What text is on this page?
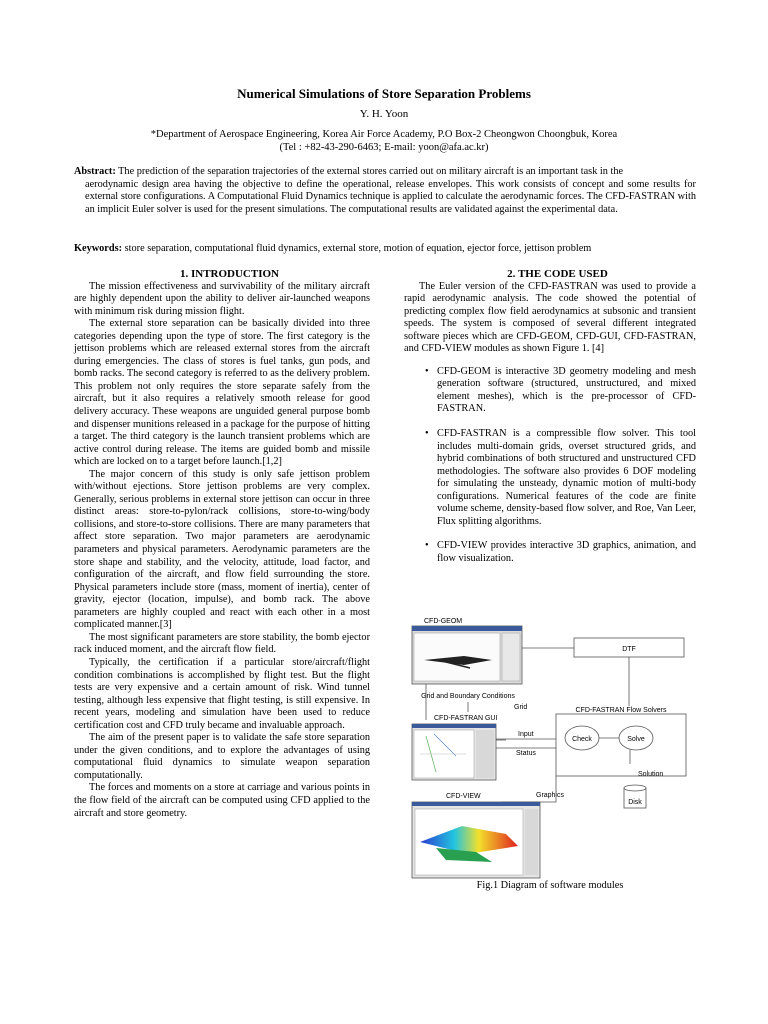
Numerical Simulations of Store Separation Problems
Y. H. Yoon
*Department of Aerospace Engineering, Korea Air Force Academy, P.O Box-2 Cheongwon Choongbuk, Korea
(Tel : +82-43-290-6463; E-mail: yoon@afa.ac.kr)
Abstract: The prediction of the separation trajectories of the external stores carried out on military aircraft is an important task in the
aerodynamic design area having the objective to define the operational, release envelopes. This work consists of concept and some results for external store configurations. A Computational Fluid Dynamics technique is applied to calculate the aerodynamic forces. The CFD-FASTRAN with an implicit Euler solver is used for the present simulations. The computational results are validated against the experimental data.
Keywords: store separation, computational fluid dynamics, external store, motion of equation, ejector force, jettison problem

1. INTRODUCTION

The mission effectiveness and survivability of the military aircraft are highly dependent upon the ability to deliver air-launched weapons with minimum risk during mission flight.

The external store separation can be basically divided into three categories depending upon the type of store. The first category is the jettison problems which are released external stores from the aircraft during emergencies. The class of stores is fuel tanks, gun pods, and bomb racks. The second category is referred to as the delivery problem. This problem not only requires the store separate safely from the aircraft, but it also requires a relatively smooth release for good delivery accuracy. These weapons are unguided general purpose bomb and dispenser munitions released in a package for the purpose of hitting a target. The third category is the launch transient problems which are active control during release. The items are guided bomb and missile which are locked on to a target before launch.[1,2]

The major concern of this study is only safe jettison problem with/without ejections. Store jettison problems are very complex. Generally, serious problems in external store jettison can occur in three distinct areas: store-to-pylon/rack collisions, store-to-wing/body collisions, and store-to-store collisions. There are many parameters that affect store separation. Two major parameters are aerodynamic parameters and physical parameters. Aerodynamic parameters are the store shape and stability, and the velocity, attitude, load factor, and configuration of the aircraft, and flow field surrounding the store. Physical parameters include store (mass, moment of inertia), center of gravity, ejector (location, impulse), and bomb rack. The above parameters are highly coupled and react with each other in a most complicated manner.[3]

The most significant parameters are store stability, the bomb ejector rack induced moment, and the aircraft flow field.

Typically, the certification if a particular store/aircraft/flight condition combinations is accomplished by flight test. But the flight tests are very expensive and a certain amount of risk. Wind tunnel testing, although less expensive that flight testing, is still expensive. In recent years, modeling and simulation have been used to reduce certification cost and CFD truly became and invaluable approach.

The aim of the present paper is to validate the safe store separation under the given conditions, and to explore the advantages of using computational fluid dynamics to simulate weapon separation computationally.

The forces and moments on a store at carriage and various points in the flow field of the aircraft can be computed using CFD applied to the aircraft and store geometry.

2. THE CODE USED

The Euler version of the CFD-FASTRAN was used to provide a rapid aerodynamic analysis. The code showed the potential of predicting complex flow field aerodynamics at subsonic and transient speeds. The system is composed of several different integrated software pieces which are CFD-GEOM, CFD-GUI, CFD-FASTRAN, and CFD-VIEW modules as shown Figure 1. [4]

• CFD-GEOM is interactive 3D geometry modeling and mesh generation software (structured, unstructured, and mixed element meshes), which is the pre-processor of CFD-FASTRAN.
• CFD-FASTRAN is a compressible flow solver. This tool includes multi-domain grids, overset structured grids, and hybrid combinations of both structured and unstructured CFD methodologies. The software also provides 6 DOF modeling for simulating the unsteady, dynamic motion of multi-body configurations. Numerical features of the code are finite volume scheme, density-based flow solver, and Roe, Van Leer, Flux splitting algorithms.
• CFD-VIEW provides interactive 3D graphics, animation, and flow visualization.
CFD-GEOM
DTF
Grid and Boundary Conditions
CFD-FASTRAN GUI
Grid	CFD-FASTRAN Flow Solvers
Check	Solve
Input
Status
Solution
Disk
Graphics
CFD-VIEW
Fig.1 Diagram of software modules
